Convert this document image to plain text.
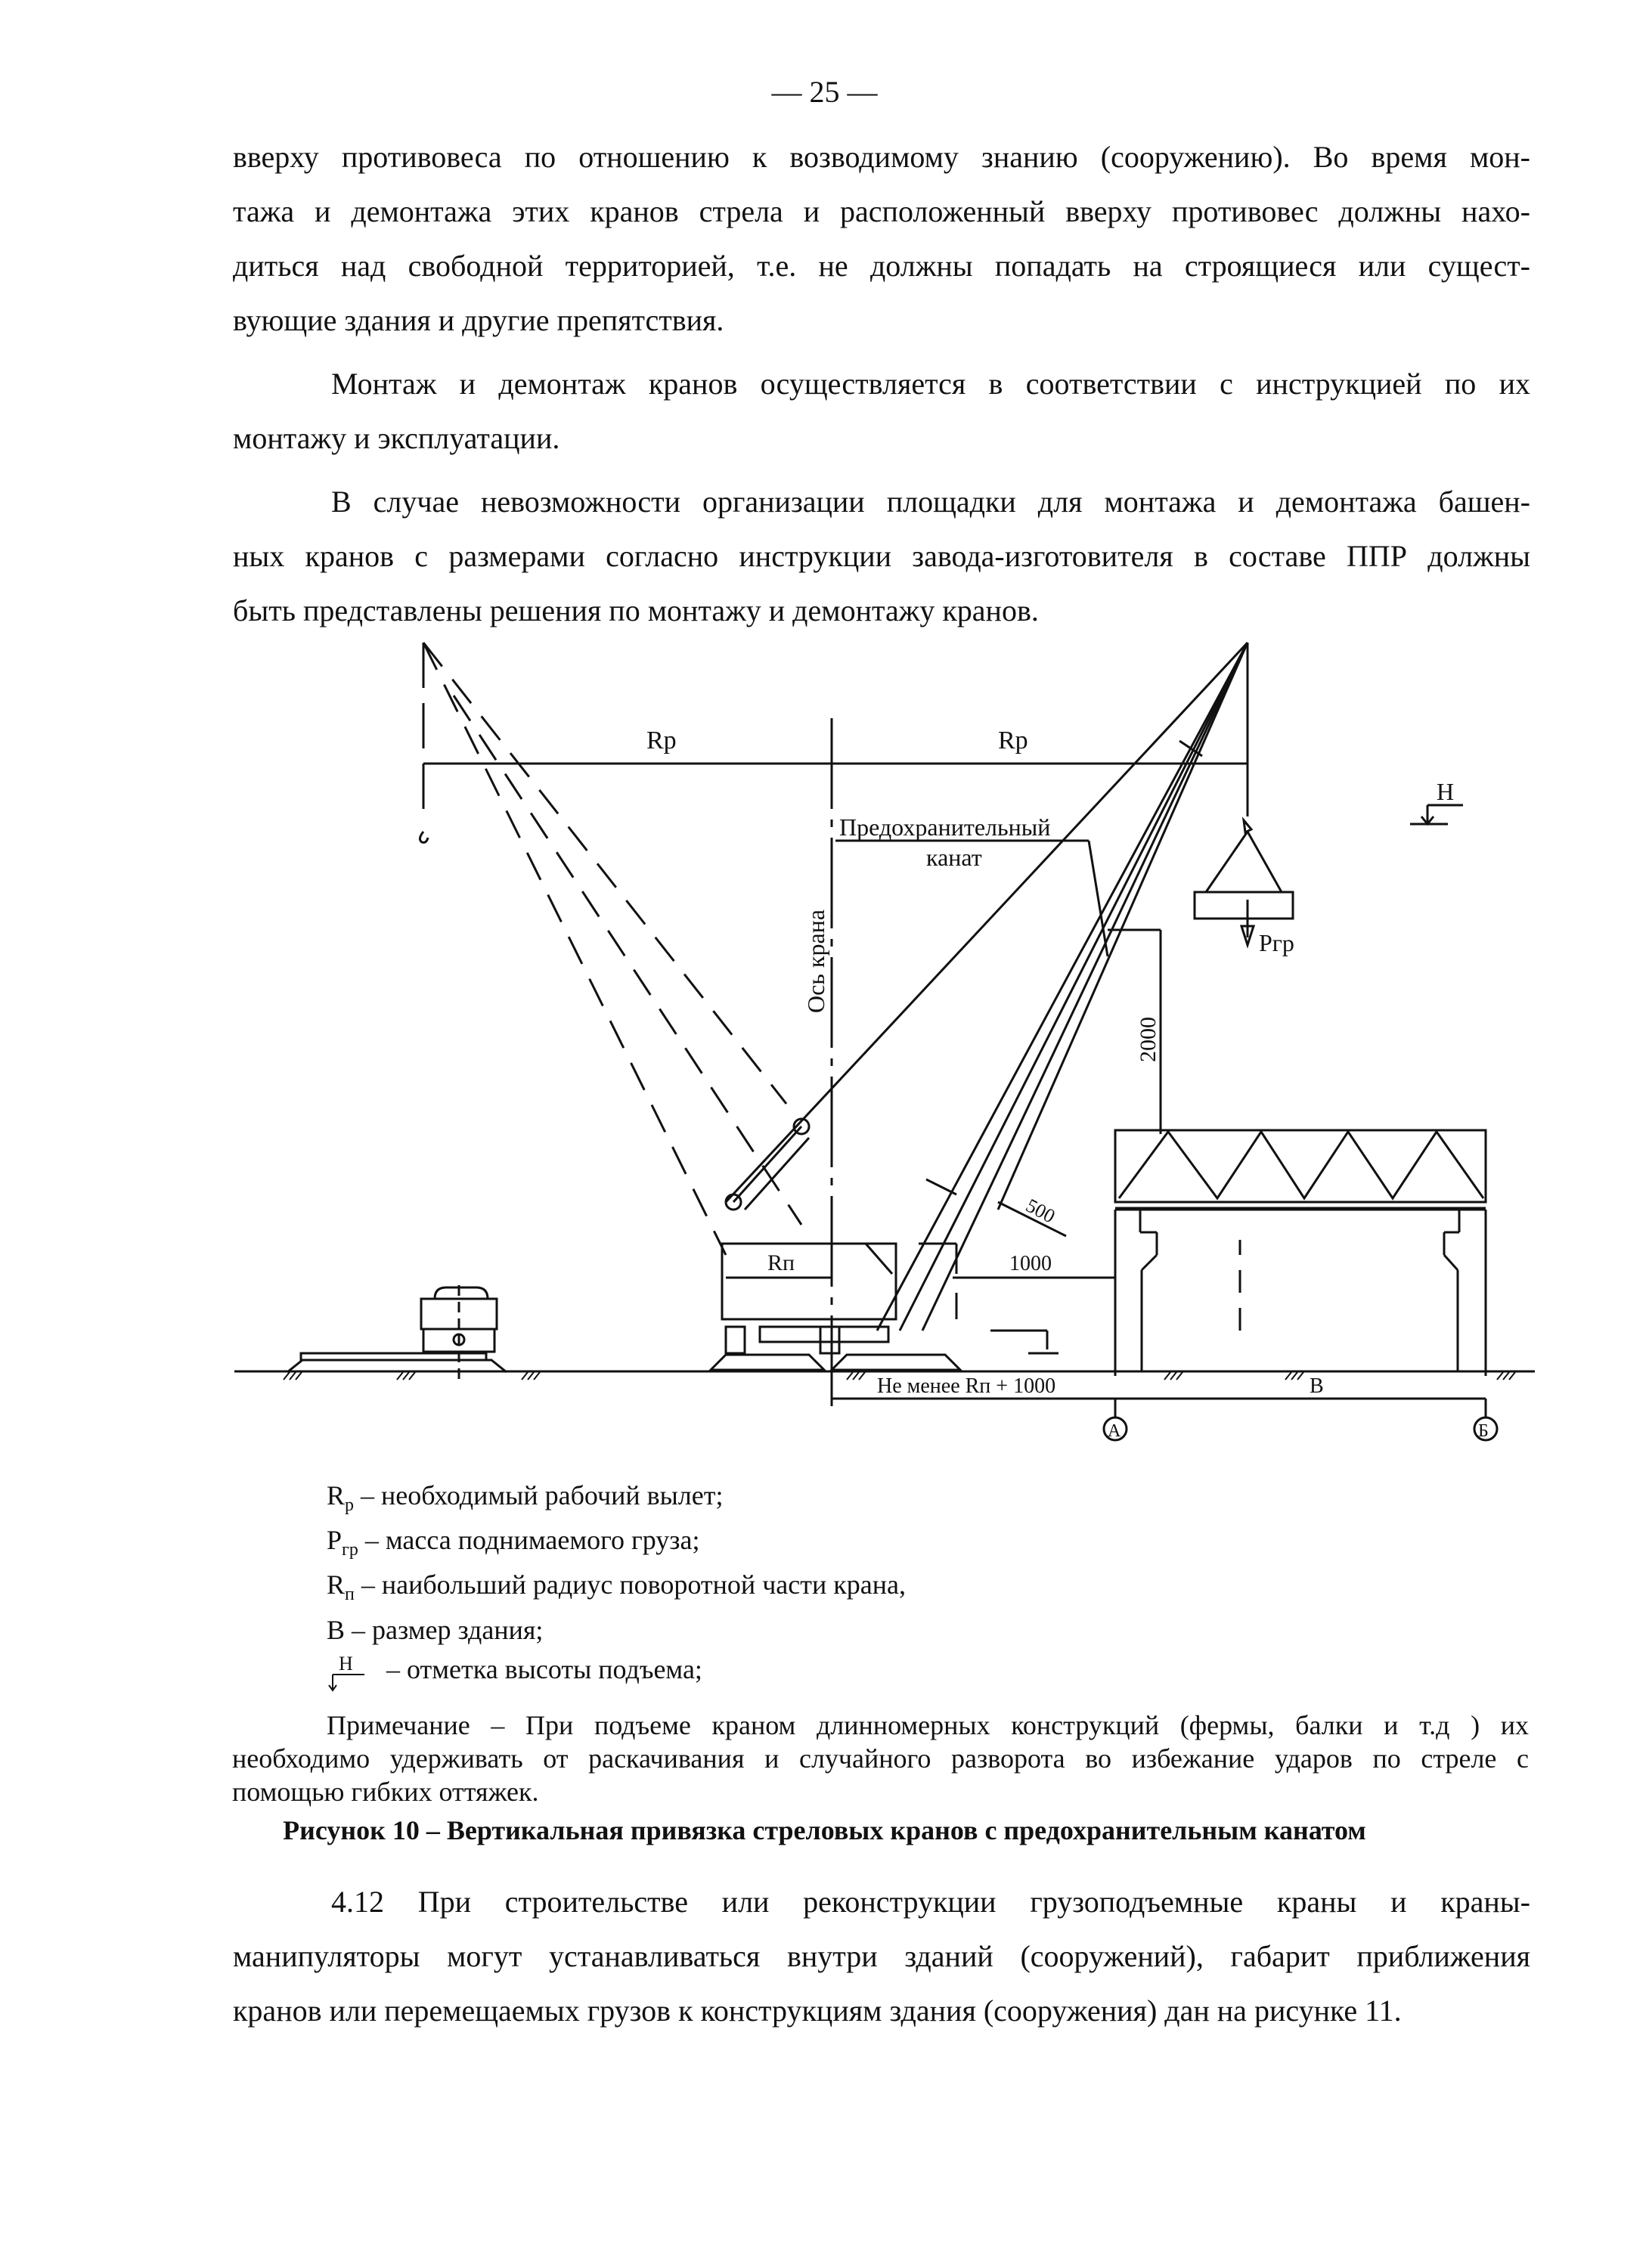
— 25 —
вверху противовеса по отношению к возводимому знанию (сооружению). Во время мон-
тажа и демонтажа этих кранов стрела и расположенный вверху противовес должны нахо-
диться над свободной территорией, т.е. не должны попадать на строящиеся или сущест-
вующие здания и другие препятствия.
Монтаж и демонтаж кранов осуществляется в соответствии с инструкцией по их
монтажу и эксплуатации.
В случае невозможности организации площадки для монтажа и демонтажа башен-
ных кранов с размерами согласно инструкции завода-изготовителя в составе ППР должны
быть представлены решения по монтажу и демонтажу кранов.
Rp	Rp
Предохранительный
канат
Ось крана	Pгр
H
2000
500
Rп	1000
Не менее Rп + 1000	B
А	Б
$R_р$ – необходимый рабочий вылет;
$P_{гр}$ – масса поднимаемого груза;
$R_п$ – наибольший радиус поворотной части крана,
B – размер здания;
H – отметка высоты подъема;
Примечание – При подъеме краном длинномерных конструкций (фермы, балки и т.д ) их
необходимо удерживать от раскачивания и случайного разворота во избежание ударов по стреле с
помощью гибких оттяжек.
Рисунок 10 – Вертикальная привязка стреловых кранов с предохранительным канатом
4.12 При строительстве или реконструкции грузоподъемные краны и краны-
манипуляторы могут устанавливаться внутри зданий (сооружений), габарит приближения
кранов или перемещаемых грузов к конструкциям здания (сооружения) дан на рисунке 11.
